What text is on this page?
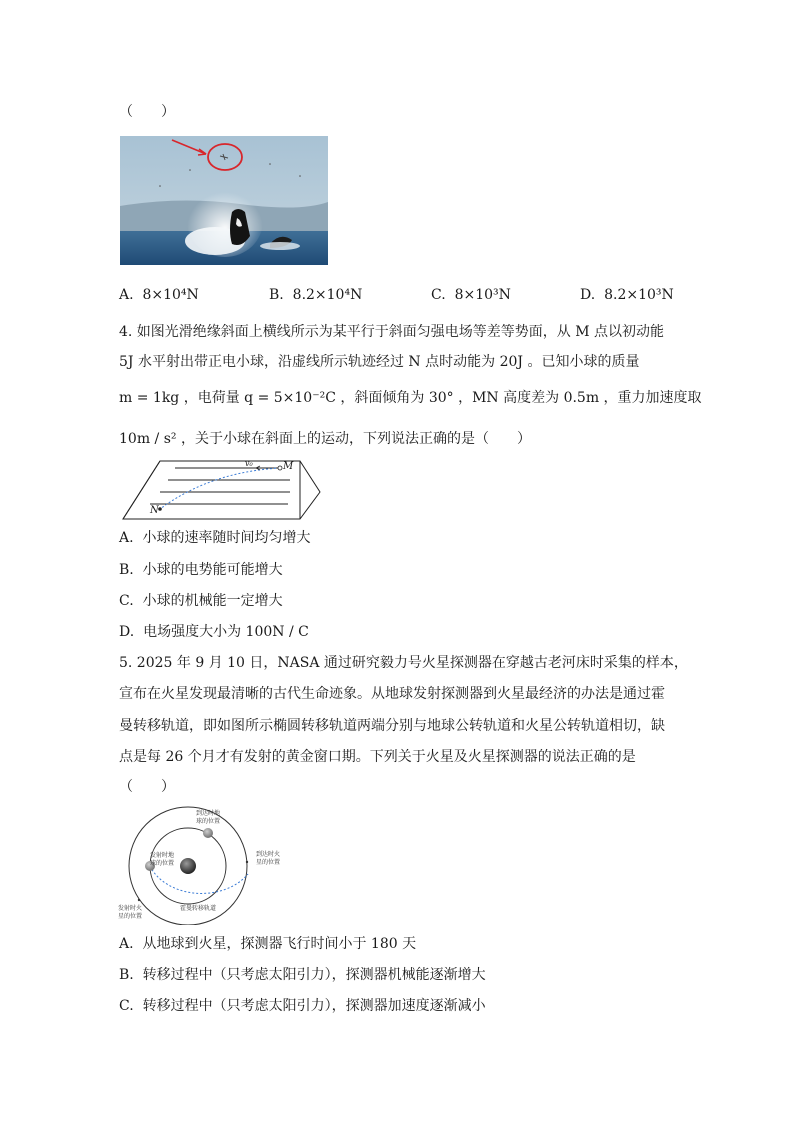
（　　）
A. 8×10⁴N	B. 8.2×10⁴N	C. 8×10³N	D. 8.2×10³N
4. 如图光滑绝缘斜面上横线所示为某平行于斜面匀强电场等差等势面，从 M 点以初动能
5J 水平射出带正电小球，沿虚线所示轨迹经过 N 点时动能为 20J 。已知小球的质量
m = 1kg ，电荷量 q = 5×10⁻²C ，斜面倾角为 30° ，MN 高度差为 0.5m ，重力加速度取
10m / s² ，关于小球在斜面上的运动，下列说法正确的是（　　）
M
N
v₀
A. 小球的速率随时间均匀增大
B. 小球的电势能可能增大
C. 小球的机械能一定增大
D. 电场强度大小为 100N / C
5. 2025 年 9 月 10 日，NASA 通过研究毅力号火星探测器在穿越古老河床时采集的样本，
宣布在火星发现最清晰的古代生命迹象。从地球发射探测器到火星最经济的办法是通过霍
曼转移轨道，即如图所示椭圆转移轨道两端分别与地球公转轨道和火星公转轨道相切，缺
点是每 26 个月才有发射的黄金窗口期。下列关于火星及火星探测器的说法正确的是
（　　）
到达时地
球的位置
发射时地
球的位置
到达时火
星的位置
发射时火
星的位置
霍曼转移轨道
A. 从地球到火星，探测器飞行时间小于 180 天
B. 转移过程中（只考虑太阳引力），探测器机械能逐渐增大
C. 转移过程中（只考虑太阳引力），探测器加速度逐渐减小
